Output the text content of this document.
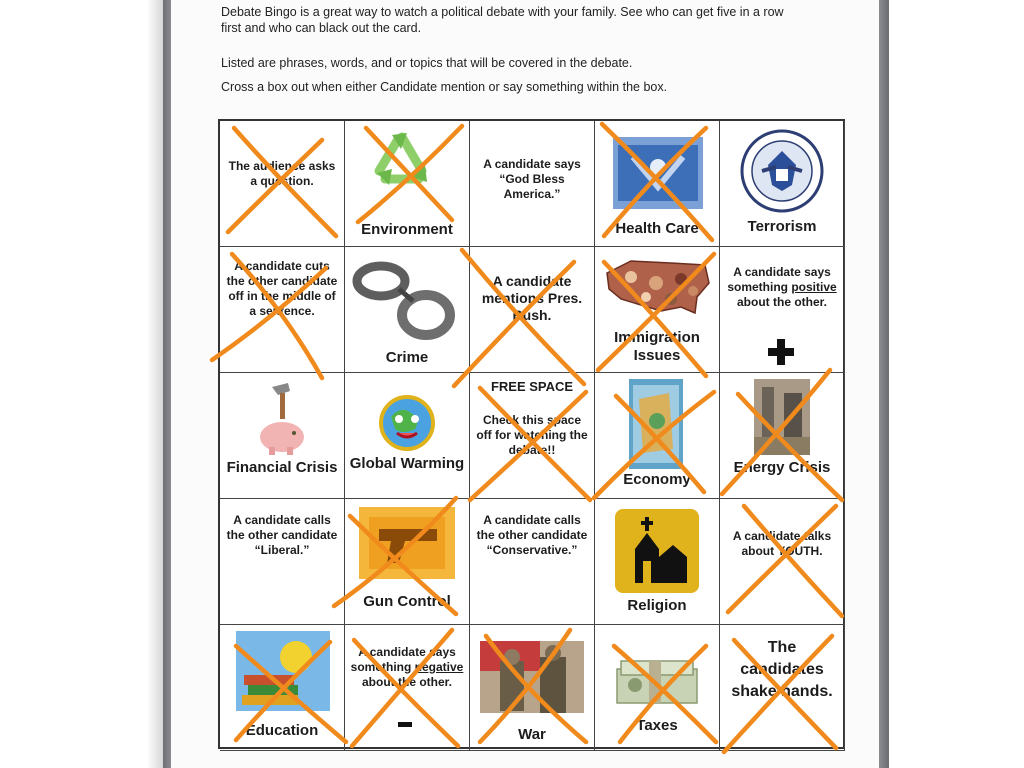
Debate Bingo is a great way to watch a political debate with your family. See who can get five in a row
first and who can black out the card.
Listed are phrases, words, and or topics that will be covered in the debate.
Cross a box out when either Candidate mention or say something within the box.
The audience asks a question.
Environment
A candidate says “God Bless America.”
Health Care	Terrorism
A candidate cuts the other candidate off in the middle of a sentence.
Crime
A candidate mentions Pres. Bush.
Immigration Issues
A candidate says something positive about the other.
Financial Crisis Global Warming
FREE SPACE
Check this space off for watching the debate!!
Economy
Energy Crisis
A candidate calls the other candidate “Liberal.”
Gun Control
A candidate calls the other candidate “Conservative.”
Religion
A candidate talks about YOUTH.
Education
A candidate says something negative about the other.
War
Taxes
The candidates shake hands.
